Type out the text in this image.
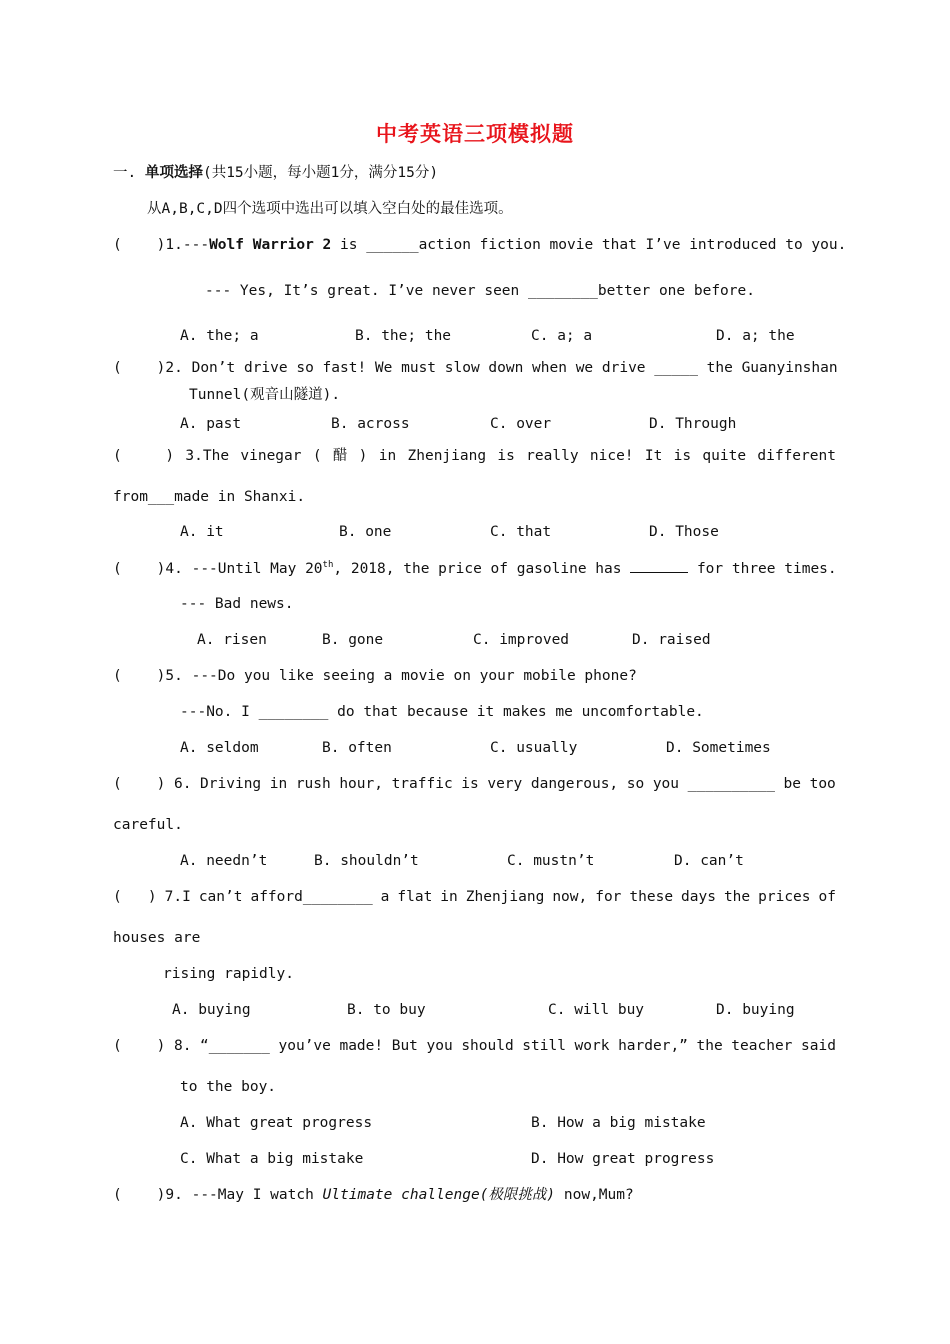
中考英语三项模拟题
一. 单项选择(共15小题，每小题1分，满分15分)
从A,B,C,D四个选项中选出可以填入空白处的最佳选项。
(    )1.---Wolf Warrior 2 is ______action fiction movie that I’ve introduced to you.
--- Yes, It’s great. I’ve never seen ________better one before.
A. the; a	B. the; the	C. a; a	D. a; the
(    )2. Don’t drive so fast! We must slow down when we drive _____ the Guanyinshan
Tunnel(观音山隧道).
A. past	B. across	C. over	D. Through
(     ) 3.The vinegar ( 醋 ) in Zhenjiang is really nice! It is quite different
from___made in Shanxi.
A. it	B. one	C. that	D. Those
(    )4. ---Until May 20th, 2018, the price of gasoline has	for three times.
--- Bad news.
A. risen	B. gone	C. improved	D. raised
(    )5. ---Do you like seeing a movie on your mobile phone?
---No. I ________ do that because it makes me uncomfortable.
A. seldom	B. often	C. usually	D. Sometimes
(    ) 6. Driving in rush hour, traffic is very dangerous, so you __________ be too
careful.
A. needn’t	B. shouldn’t	C. mustn’t	D. can’t
(   ) 7.I can’t afford________ a flat in Zhenjiang now, for these days the prices of
houses are
rising rapidly.
A. buying	B. to buy	C. will buy	D. buying
(    ) 8. “_______ you’ve made! But you should still work harder,” the teacher said
to the boy.
A. What great progress	B. How a big mistake
C. What a big mistake	D. How great progress
(    )9. ---May I watch Ultimate challenge(极限挑战) now,Mum?
